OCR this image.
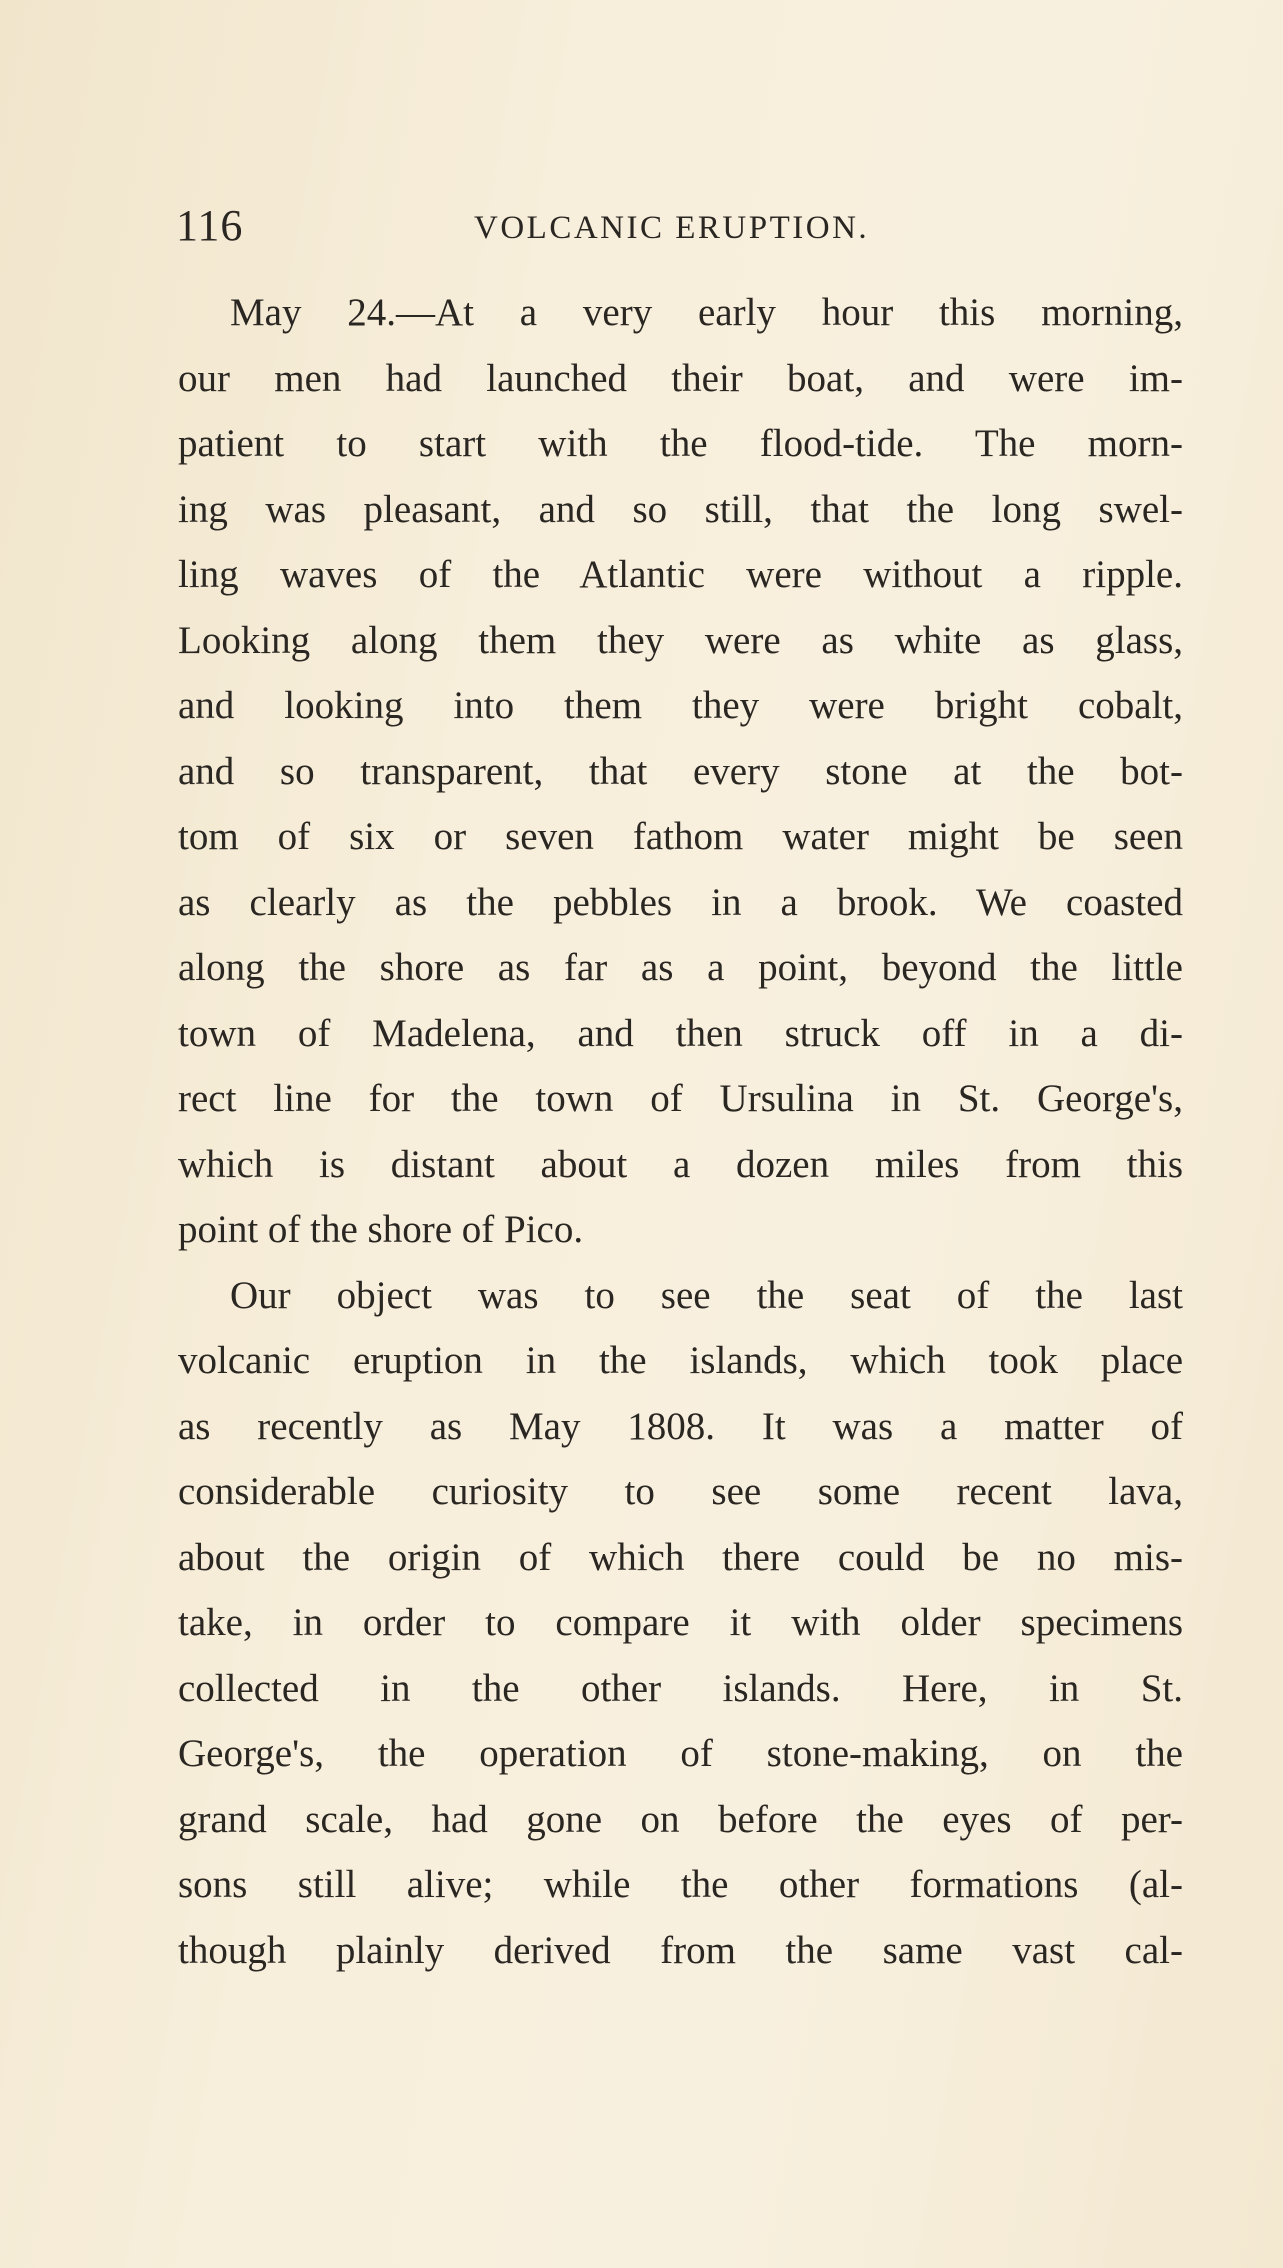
116	VOLCANIC ERUPTION.
May 24.—At a very early hour this morning,
our men had launched their boat, and were im-
patient to start with the flood-tide. The morn-
ing was pleasant, and so still, that the long swel-
ling waves of the Atlantic were without a ripple.
Looking along them they were as white as glass,
and looking into them they were bright cobalt,
and so transparent, that every stone at the bot-
tom of six or seven fathom water might be seen
as clearly as the pebbles in a brook. We coasted
along the shore as far as a point, beyond the little
town of Madelena, and then struck off in a di-
rect line for the town of Ursulina in St. George's,
which is distant about a dozen miles from this
point of the shore of Pico.
Our object was to see the seat of the last
volcanic eruption in the islands, which took place
as recently as May 1808. It was a matter of
considerable curiosity to see some recent lava,
about the origin of which there could be no mis-
take, in order to compare it with older specimens
collected in the other islands. Here, in St.
George's, the operation of stone-making, on the
grand scale, had gone on before the eyes of per-
sons still alive; while the other formations (al-
though plainly derived from the same vast cal-
